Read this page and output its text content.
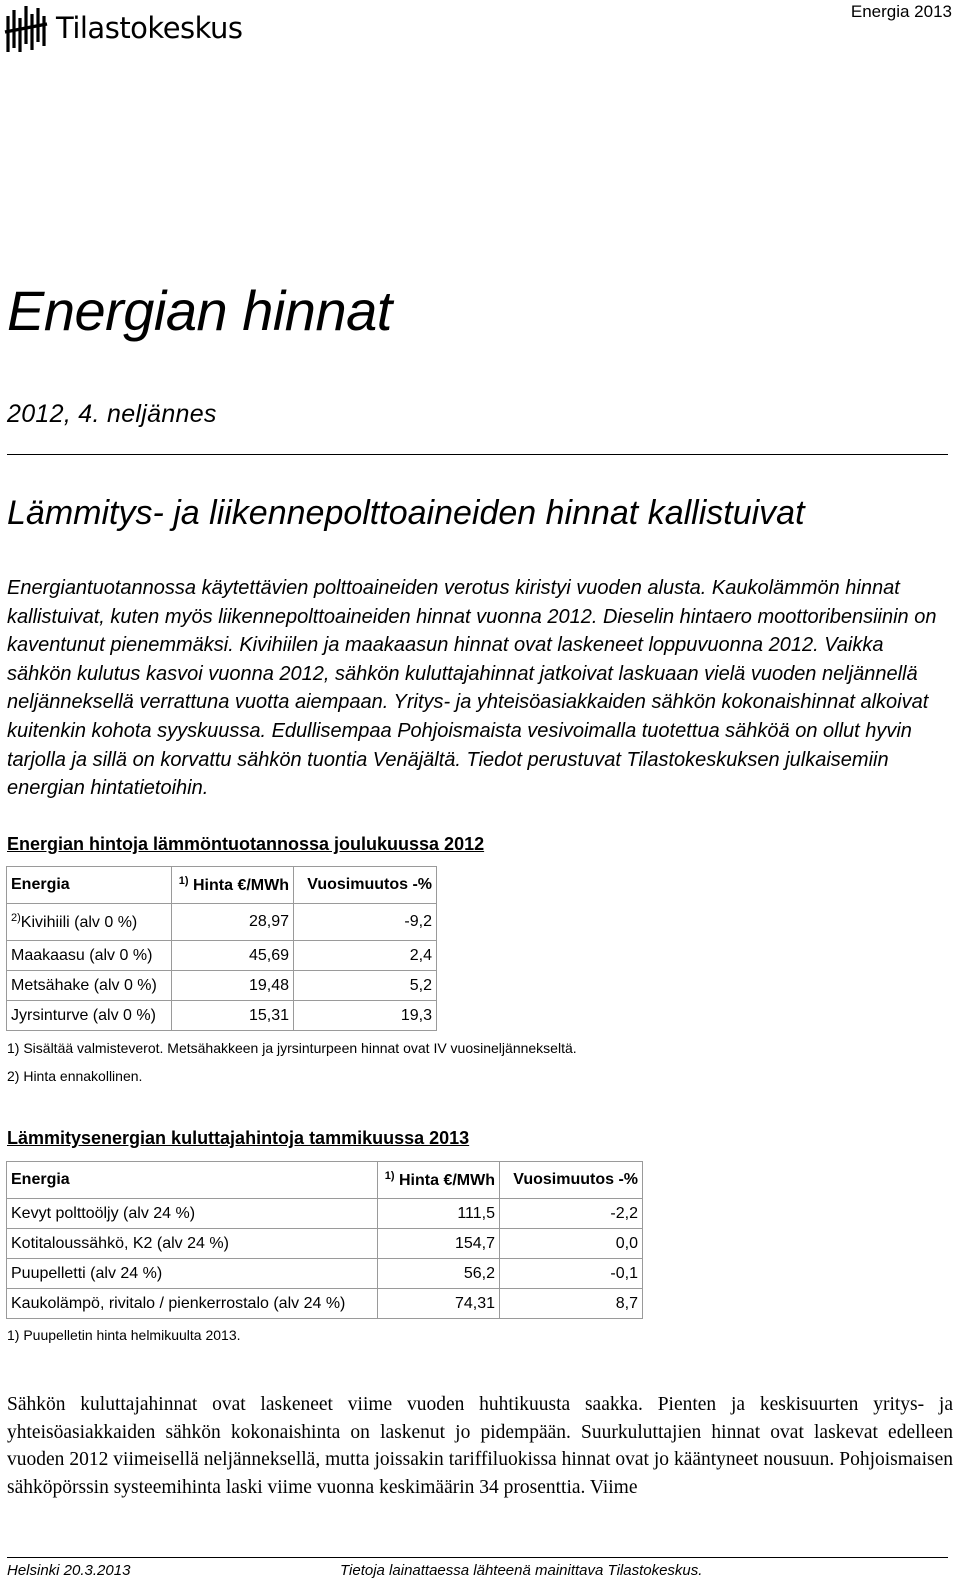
Tilastokeskus	Energia 2013
Energian hinnat
2012, 4. neljännes
Lämmitys- ja liikennepolttoaineiden hinnat kallistuivat

Energiantuotannossa käytettävien polttoaineiden verotus kiristyi vuoden alusta. Kaukolämmön hinnat kallistuivat, kuten myös liikennepolttoaineiden hinnat vuonna 2012. Dieselin hintaero moottoribensiinin on kaventunut pienemmäksi. Kivihiilen ja maakaasun hinnat ovat laskeneet loppuvuonna 2012. Vaikka sähkön kulutus kasvoi vuonna 2012, sähkön kuluttajahinnat jatkoivat laskuaan vielä vuoden neljännellä neljänneksellä verrattuna vuotta aiempaan. Yritys- ja yhteisöasiakkaiden sähkön kokonaishinnat alkoivat kuitenkin kohota syyskuussa. Edullisempaa Pohjoismaista vesivoimalla tuotettua sähköä on ollut hyvin tarjolla ja sillä on korvattu sähkön tuontia Venäjältä. Tiedot perustuvat Tilastokeskuksen julkaisemiin energian hintatietoihin.

Energian hintoja lämmöntuotannossa joulukuussa 2012
Energia	$^{1)}$ Hinta €/MWh	Vuosimuutos -%
$^{2)}$Kivihiili (alv 0 %)	28,97	-9,2
Maakaasu (alv 0 %)	45,69	2,4
Metsähake (alv 0 %)	19,48	5,2
Jyrsinturve (alv 0 %)	15,31	19,3
1) Sisältää valmisteverot. Metsähakkeen ja jyrsinturpeen hinnat ovat IV vuosineljännekseltä.
2) Hinta ennakollinen.
Lämmitysenergian kuluttajahintoja tammikuussa 2013
Energia	$^{1)}$ Hinta €/MWh	Vuosimuutos -%
Kevyt polttoöljy (alv 24 %)	111,5	-2,2
Kotitaloussähkö, K2 (alv 24 %)	154,7	0,0
Puupelletti (alv 24 %)	56,2	-0,1
Kaukolämpö, rivitalo / pienkerrostalo (alv 24 %)	74,31	8,7
1) Puupelletin hinta helmikuulta 2013.

Sähkön kuluttajahinnat ovat laskeneet viime vuoden huhtikuusta saakka. Pienten ja keskisuurten yritys- ja yhteisöasiakkaiden sähkön kokonaishinta on laskenut jo pidempään. Suurkuluttajien hinnat ovat laskevat edelleen vuoden 2012 viimeisellä neljänneksellä, mutta joissakin tariffiluokissa hinnat ovat jo kääntyneet nousuun. Pohjoismaisen sähköpörssin systeemihinta laski viime vuonna keskimäärin 34 prosenttia. Viime

Helsinki 20.3.2013	Tietoja lainattaessa lähteenä mainittava Tilastokeskus.
